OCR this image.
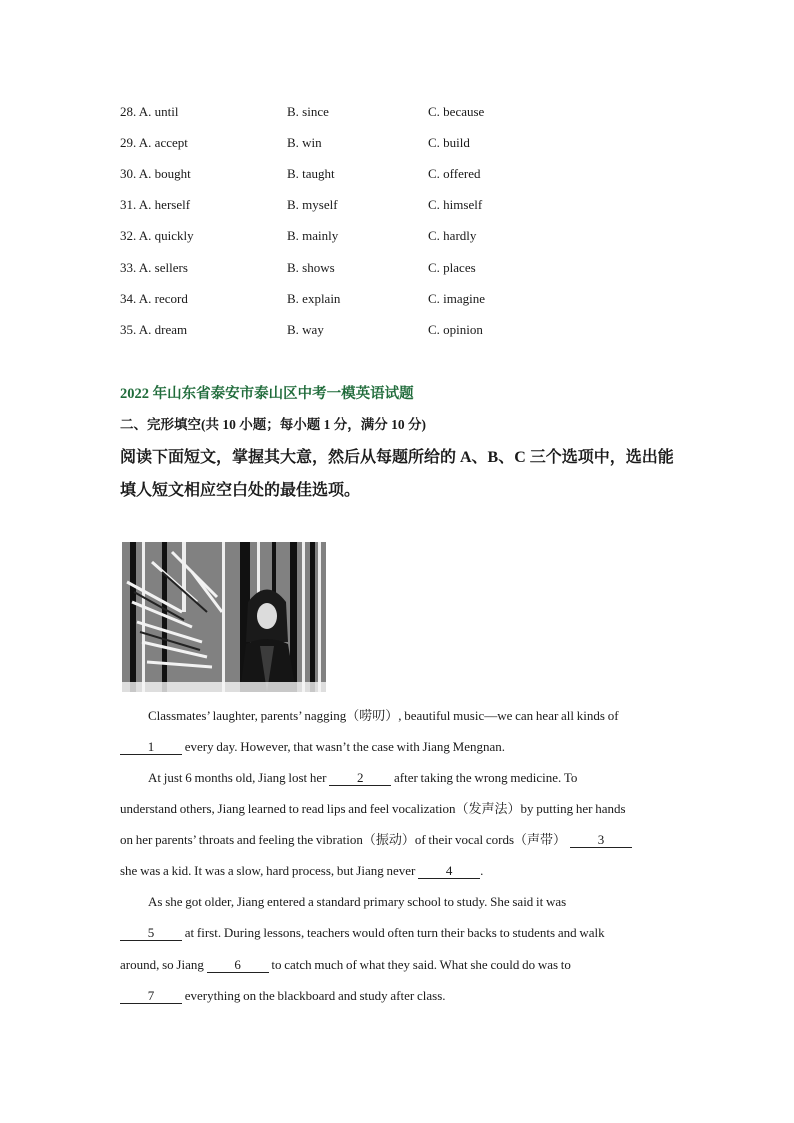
28. A. until	B. since	C. because
29. A. accept	B. win	C. build
30. A. bought	B. taught	C. offered
31. A. herself	B. myself	C. himself
32. A. quickly	B. mainly	C. hardly
33. A. sellers	B. shows	C. places
34. A. record	B. explain	C. imagine
35. A. dream	B. way	C. opinion
2022 年山东省泰安市泰山区中考一模英语试题
二、完形填空(共 10 小题；每小题 1 分，满分 10 分)
阅读下面短文，掌握其大意，然后从每题所给的 A、B、C 三个选项中，选出能
填人短文相应空白处的最佳选项。
Classmates’ laughter, parents’ nagging（唠叨）, beautiful music—we can hear all kinds of
1 every day. However, that wasn’t the case with Jiang Mengnan.
At just 6 months old, Jiang lost her 2 after taking the wrong medicine. To
understand others, Jiang learned to read lips and feel vocalization（发声法）by putting her hands
on her parents’ throats and feeling the vibration（振动）of their vocal cords（声带） 3
she was a kid. It was a slow, hard process, but Jiang never 4 .
As she got older, Jiang entered a standard primary school to study. She said it was
5 at first. During lessons, teachers would often turn their backs to students and walk
around, so Jiang 6 to catch much of what they said. What she could do was to
7 everything on the blackboard and study after class.
